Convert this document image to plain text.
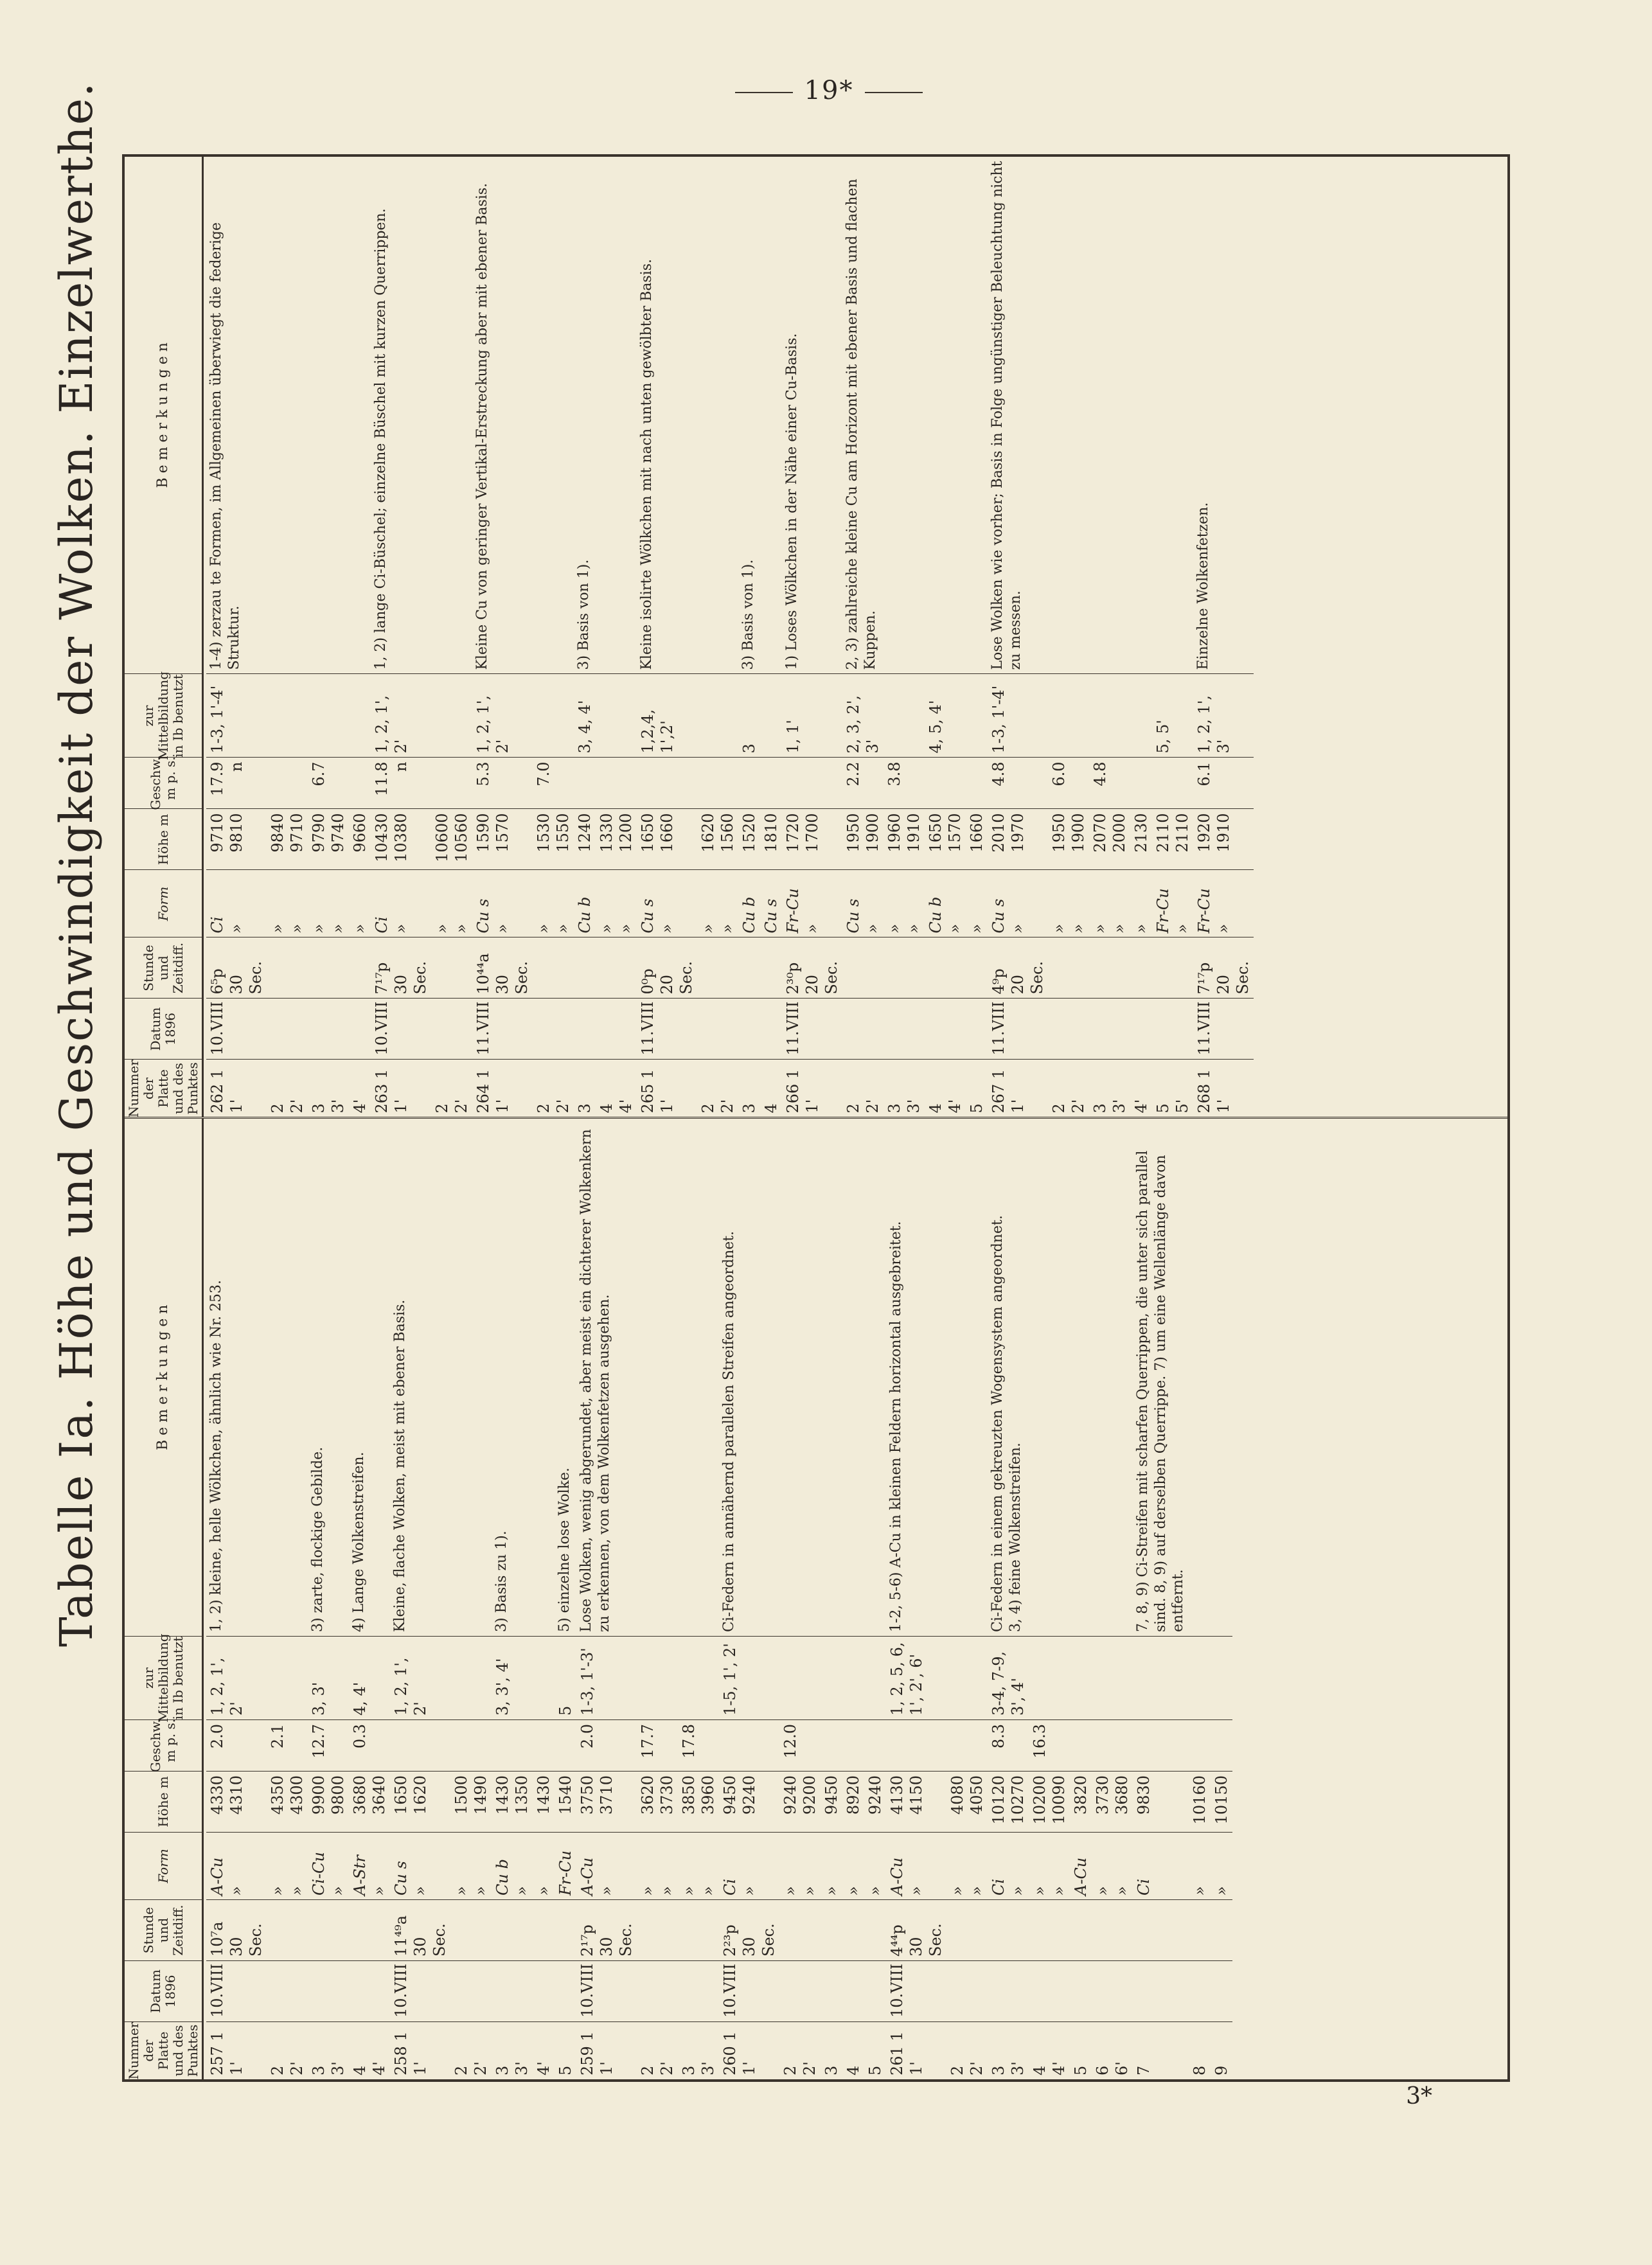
19*
Tabelle Ia. Höhe und Geschwindigkeit der Wolken. Einzelwerthe.
Nummer der Platte und des Punktes
Datum 1896
Stunde und Zeitdiff.
Form
Höhe m
Geschw. m p. s.
zur Mittelbildung in Ib benutzt
B e m e r k u n g e n
257 1
1'
10.VIII
10⁷a
30 Sec.
A-Cu
»
4330
4310
2.0
1, 2, 1', 2'
1, 2) kleine, helle Wölkchen, ähnlich wie Nr. 253.
2
2'
»
»
4350
4300
2.1
3
3'
Ci-Cu
»
9900
9800
12.7
3, 3'
3) zarte, flockige Gebilde.
4
4'
A-Str
»
3680
3640
0.3
4, 4'
4) Lange Wolkenstreifen.
258 1
1'
10.VIII
11⁴⁹a
30 Sec.
Cu s
»
1650
1620
1, 2, 1', 2'
Kleine, flache Wolken, meist mit ebener Basis.
2
2'
»
»
1500
1490
3
3'
Cu b
»
1430
1350
3, 3', 4'
3) Basis zu 1).
4'
»
1430
5
Fr-Cu
1540
5
5) einzelne lose Wolke.
259 1
1'
10.VIII
2¹⁷p
30 Sec.
A-Cu
»
3750
3710
2.0
1-3, 1'-3'
Lose Wolken, wenig abgerundet, aber meist ein dichterer Wolkenkern zu erkennen, von dem Wolkenfetzen ausgehen.
2
2'
»
»
3620
3730
17.7
3
3'
»
»
3850
3960
17.8
260 1
1'
10.VIII
2²³p
30 Sec.
Ci
»
9450
9240
1-5, 1', 2'
Ci-Federn in annähernd parallelen Streifen angeordnet.
2
2'
»
»
9240
9200
12.0
3
»
9450
4
»
8920
5
»
9240
261 1
1'
10.VIII
4⁴⁴p
30 Sec.
A-Cu
»
4130
4150
1, 2, 5, 6,
1', 2', 6'
1-2, 5-6) A-Cu in kleinen Feldern horizontal ausgebreitet.
2
2'
»
»
4080
4050
3
3'
Ci
»
10120
10270
8.3
3-4, 7-9, 3', 4'
Ci-Federn in einem gekreuzten Wogensystem angeordnet.
3, 4) feine Wolkenstreifen.
4
4'
»
»
10200
10090
16.3
5
A-Cu
3820
6
6'
»
»
3730
3680
7
Ci
9830
7, 8, 9) Ci-Streifen mit scharfen Querrippen, die unter sich parallel sind. 8, 9) auf derselben Querrippe. 7) um eine Wellenlänge davon entfernt.
8
»
10160
9
»
10150
Nummer der Platte und des Punktes
Datum 1896
Stunde und Zeitdiff.
Form
Höhe m
Geschw. m p. s.
zur Mittelbildung in Ib benutzt
B e m e r k u n g e n
262 1
1'
10.VIII
6⁵p
30 Sec.
Ci
»
9710
9810
17.9 n
1-3, 1'-4'
1-4) zerzau te Formen, im Allgemeinen überwiegt die federige Struktur.
2
2'
»
»
9840
9710
3
3'
»
»
9790
9740
6.7
4'
»
9660
263 1
1'
10.VIII
7¹⁷p
30 Sec.
Ci
»
10430
10380
11.8 n
1, 2, 1', 2'
1, 2) lange Ci-Büschel; einzelne Büschel mit kurzen Querrippen.
2
2'
»
»
10600
10560
264 1
1'
11.VIII
10⁴⁴a
30 Sec.
Cu s
»
1590
1570
5.3
1, 2, 1', 2'
Kleine Cu von geringer Vertikal-Erstreckung aber mit ebener Basis.
2
2'
»
»
1530
1550
7.0
3
Cu b
1240
3, 4, 4'
3) Basis von 1).
4
4'
»
»
1330
1200
265 1
1'
11.VIII
0⁰p
20 Sec.
Cu s
»
1650
1660
1,2,4, 1',2'
Kleine isolirte Wölkchen mit nach unten gewölbter Basis.
2
2'
»
»
1620
1560
3
Cu b
1520
3
3) Basis von 1).
4
Cu s
1810
266 1
1'
11.VIII
2³⁰p
20 Sec.
Fr-Cu
»
1720
1700
1, 1'
1) Loses Wölkchen in der Nähe einer Cu-Basis.
2
2'
Cu s
»
1950
1900
2.2
2, 3, 2', 3'
2, 3) zahlreiche kleine Cu am Horizont mit ebener Basis und flachen Kuppen.
3
3'
»
»
1960
1910
3.8
4
4'
Cu b
»
1650
1570
4, 5, 4'
5
»
1660
267 1
1'
11.VIII
4⁹p
20 Sec.
Cu s
»
2010
1970
4.8
1-3, 1'-4'
Lose Wolken wie vorher; Basis in Folge ungünstiger Beleuchtung nicht zu messen.
2
2'
»
»
1950
1900
6.0
3
3'
»
»
2070
2000
4.8
4'
»
2130
5
5'
Fr-Cu
»
2110
2110
5, 5'
268 1
1'
11.VIII
7¹⁷p
20 Sec.
Fr-Cu
»
1920
1910
6.1
1, 2, 1', 3'
Einzelne Wolkenfetzen.
3*
